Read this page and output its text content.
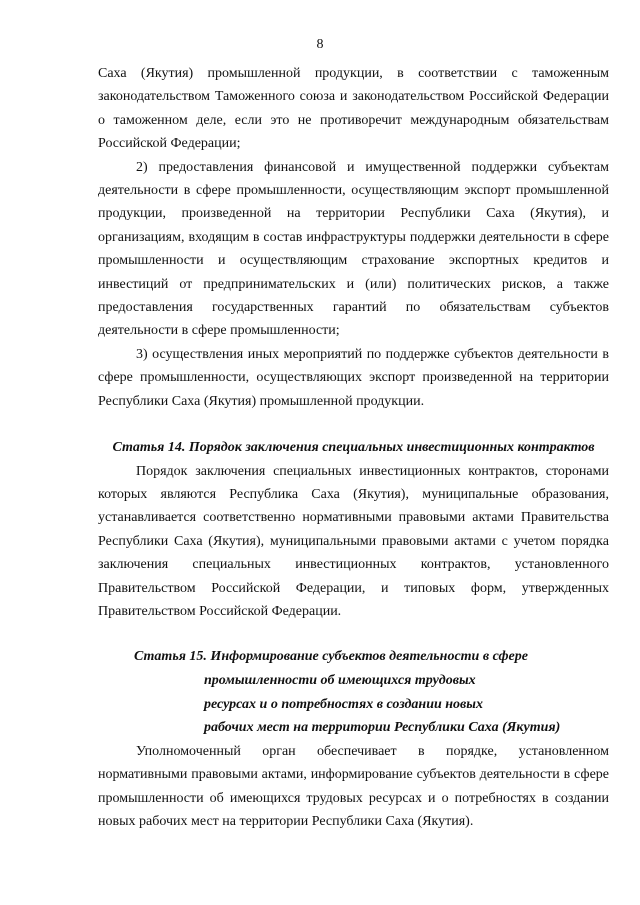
8

Саха (Якутия) промышленной продукции, в соответствии с таможенным законодательством Таможенного союза и законодательством Российской Федерации о таможенном деле, если это не противоречит международным обязательствам Российской Федерации;

2) предоставления финансовой и имущественной поддержки субъектам деятельности в сфере промышленности, осуществляющим экспорт промышленной продукции, произведенной на территории Республики Саха (Якутия), и организациям, входящим в состав инфраструктуры поддержки деятельности в сфере промышленности и осуществляющим страхование экспортных кредитов и инвестиций от предпринимательских и (или) политических рисков, а также предоставления государственных гарантий по обязательствам субъектов деятельности в сфере промышленности;

3) осуществления иных мероприятий по поддержке субъектов деятельности в сфере промышленности, осуществляющих экспорт произведенной на территории Республики Саха (Якутия) промышленной продукции.

Статья 14. Порядок заключения специальных инвестиционных контрактов

Порядок заключения специальных инвестиционных контрактов, сторонами которых являются Республика Саха (Якутия), муниципальные образования, устанавливается соответственно нормативными правовыми актами Правительства Республики Саха (Якутия), муниципальными правовыми актами с учетом порядка заключения специальных инвестиционных контрактов, установленного Правительством Российской Федерации, и типовых форм, утвержденных Правительством Российской Федерации.

Статья 15. Информирование субъектов деятельности в сфере
промышленности об имеющихся трудовых
ресурсах и о потребностях в создании новых
рабочих мест на территории Республики Саха (Якутия)

Уполномоченный орган обеспечивает в порядке, установленном нормативными правовыми актами, информирование субъектов деятельности в сфере промышленности об имеющихся трудовых ресурсах и о потребностях в создании новых рабочих мест на территории Республики Саха (Якутия).
